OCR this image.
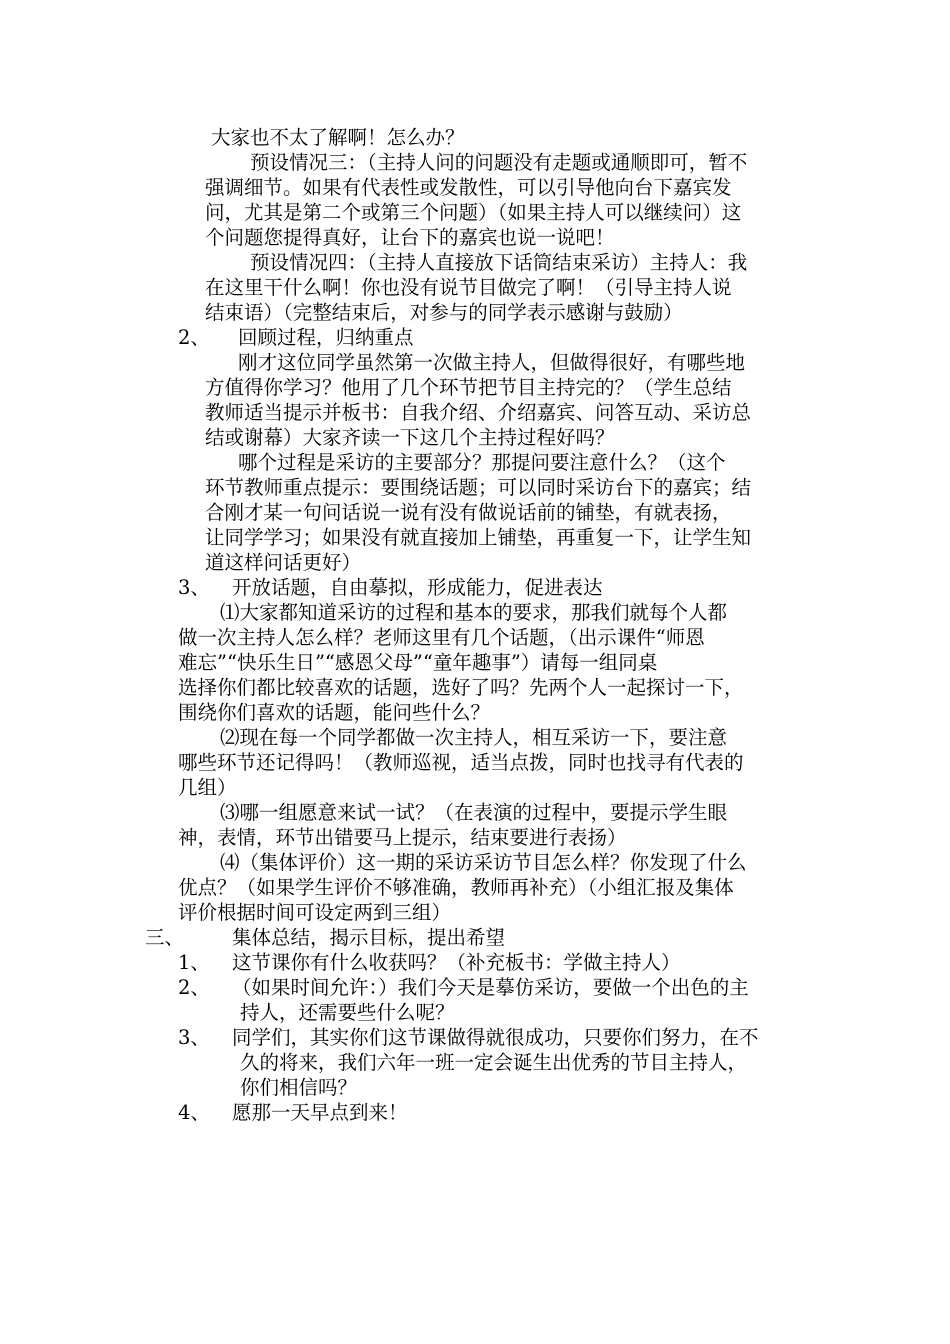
大家也不太了解啊！怎么办？
预设情况三：（主持人问的问题没有走题或通顺即可，暂不
强调细节。如果有代表性或发散性，可以引导他向台下嘉宾发
问，尤其是第二个或第三个问题）（如果主持人可以继续问）这
个问题您提得真好，让台下的嘉宾也说一说吧！
预设情况四：（主持人直接放下话筒结束采访）主持人：我
在这里干什么啊！你也没有说节目做完了啊！（引导主持人说
结束语）（完整结束后，对参与的同学表示感谢与鼓励）
2、 回顾过程，归纳重点
刚才这位同学虽然第一次做主持人，但做得很好，有哪些地
方值得你学习？他用了几个环节把节目主持完的？（学生总结
教师适当提示并板书：自我介绍、介绍嘉宾、问答互动、采访总
结或谢幕）大家齐读一下这几个主持过程好吗？
哪个过程是采访的主要部分？那提问要注意什么？（这个
环节教师重点提示：要围绕话题；可以同时采访台下的嘉宾；结
合刚才某一句问话说一说有没有做说话前的铺垫，有就表扬，
让同学学习；如果没有就直接加上铺垫，再重复一下，让学生知
道这样问话更好）
3、 开放话题，自由摹拟，形成能力，促进表达
⑴大家都知道采访的过程和基本的要求，那我们就每个人都
做一次主持人怎么样？老师这里有几个话题，（出示课件“师恩
难忘”“快乐生日”“感恩父母”“童年趣事”）请每一组同桌
选择你们都比较喜欢的话题，选好了吗？先两个人一起探讨一下，
围绕你们喜欢的话题，能问些什么？
⑵现在每一个同学都做一次主持人，相互采访一下，要注意
哪些环节还记得吗！（教师巡视，适当点拨，同时也找寻有代表的
几组）
⑶哪一组愿意来试一试？（在表演的过程中，要提示学生眼
神，表情，环节出错要马上提示，结束要进行表扬）
⑷（集体评价）这一期的采访采访节目怎么样？你发现了什么
优点？（如果学生评价不够准确，教师再补充）（小组汇报及集体
评价根据时间可设定两到三组）
三、 集体总结，揭示目标，提出希望
1、 这节课你有什么收获吗？（补充板书：学做主持人）
2、 （如果时间允许：）我们今天是摹仿采访，要做一个出色的主
持人，还需要些什么呢？
3、 同学们，其实你们这节课做得就很成功，只要你们努力，在不
久的将来，我们六年一班一定会诞生出优秀的节目主持人，
你们相信吗？
4、 愿那一天早点到来！
